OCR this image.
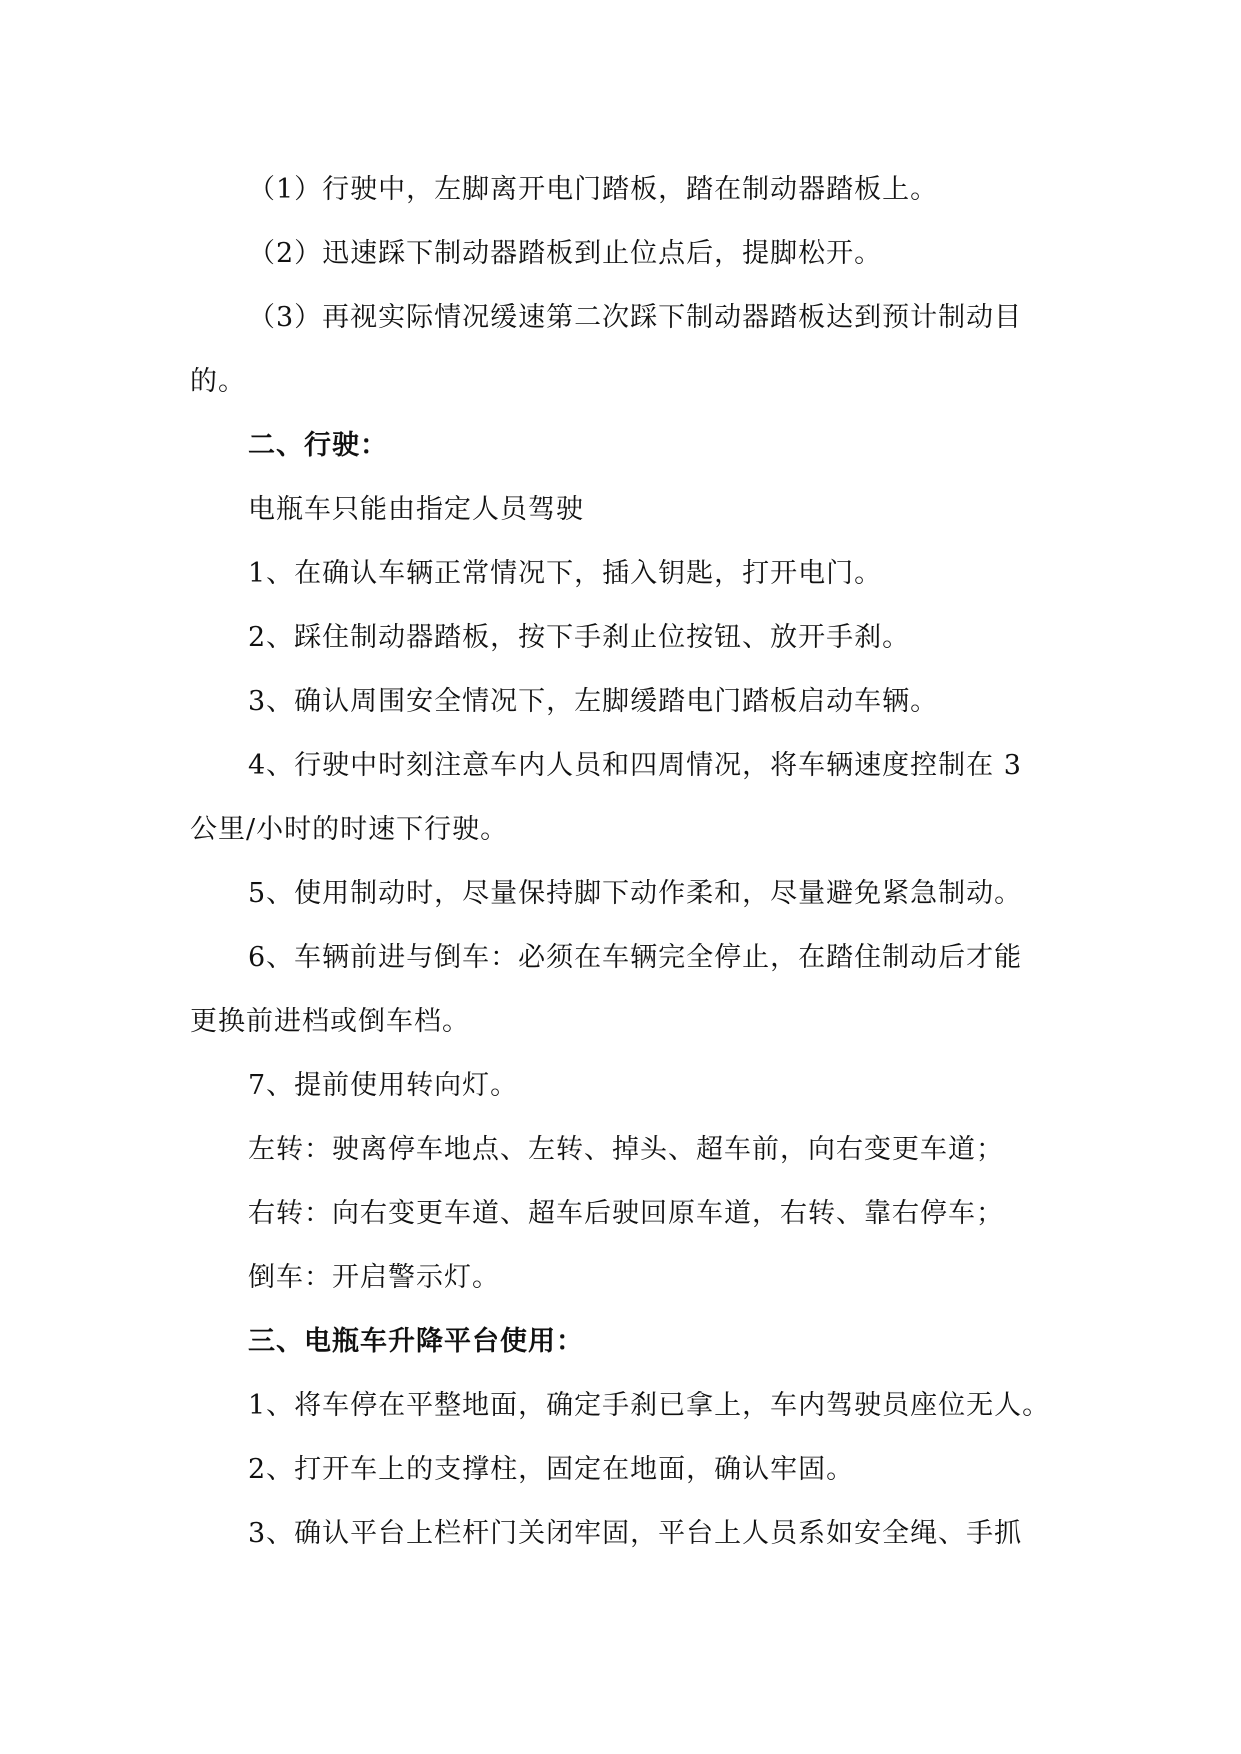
（1）行驶中，左脚离开电门踏板，踏在制动器踏板上。
（2）迅速踩下制动器踏板到止位点后，提脚松开。
（3）再视实际情况缓速第二次踩下制动器踏板达到预计制动目
的。
二、行驶：
电瓶车只能由指定人员驾驶
1、在确认车辆正常情况下，插入钥匙，打开电门。
2、踩住制动器踏板，按下手刹止位按钮、放开手刹。
3、确认周围安全情况下，左脚缓踏电门踏板启动车辆。
4、行驶中时刻注意车内人员和四周情况，将车辆速度控制在 3
公里/小时的时速下行驶。
5、使用制动时，尽量保持脚下动作柔和，尽量避免紧急制动。
6、车辆前进与倒车：必须在车辆完全停止，在踏住制动后才能
更换前进档或倒车档。
7、提前使用转向灯。
左转：驶离停车地点、左转、掉头、超车前，向右变更车道；
右转：向右变更车道、超车后驶回原车道，右转、靠右停车；
倒车：开启警示灯。
三、电瓶车升降平台使用：
1、将车停在平整地面，确定手刹已拿上，车内驾驶员座位无人。
2、打开车上的支撑柱，固定在地面，确认牢固。
3、确认平台上栏杆门关闭牢固，平台上人员系如安全绳、手抓
